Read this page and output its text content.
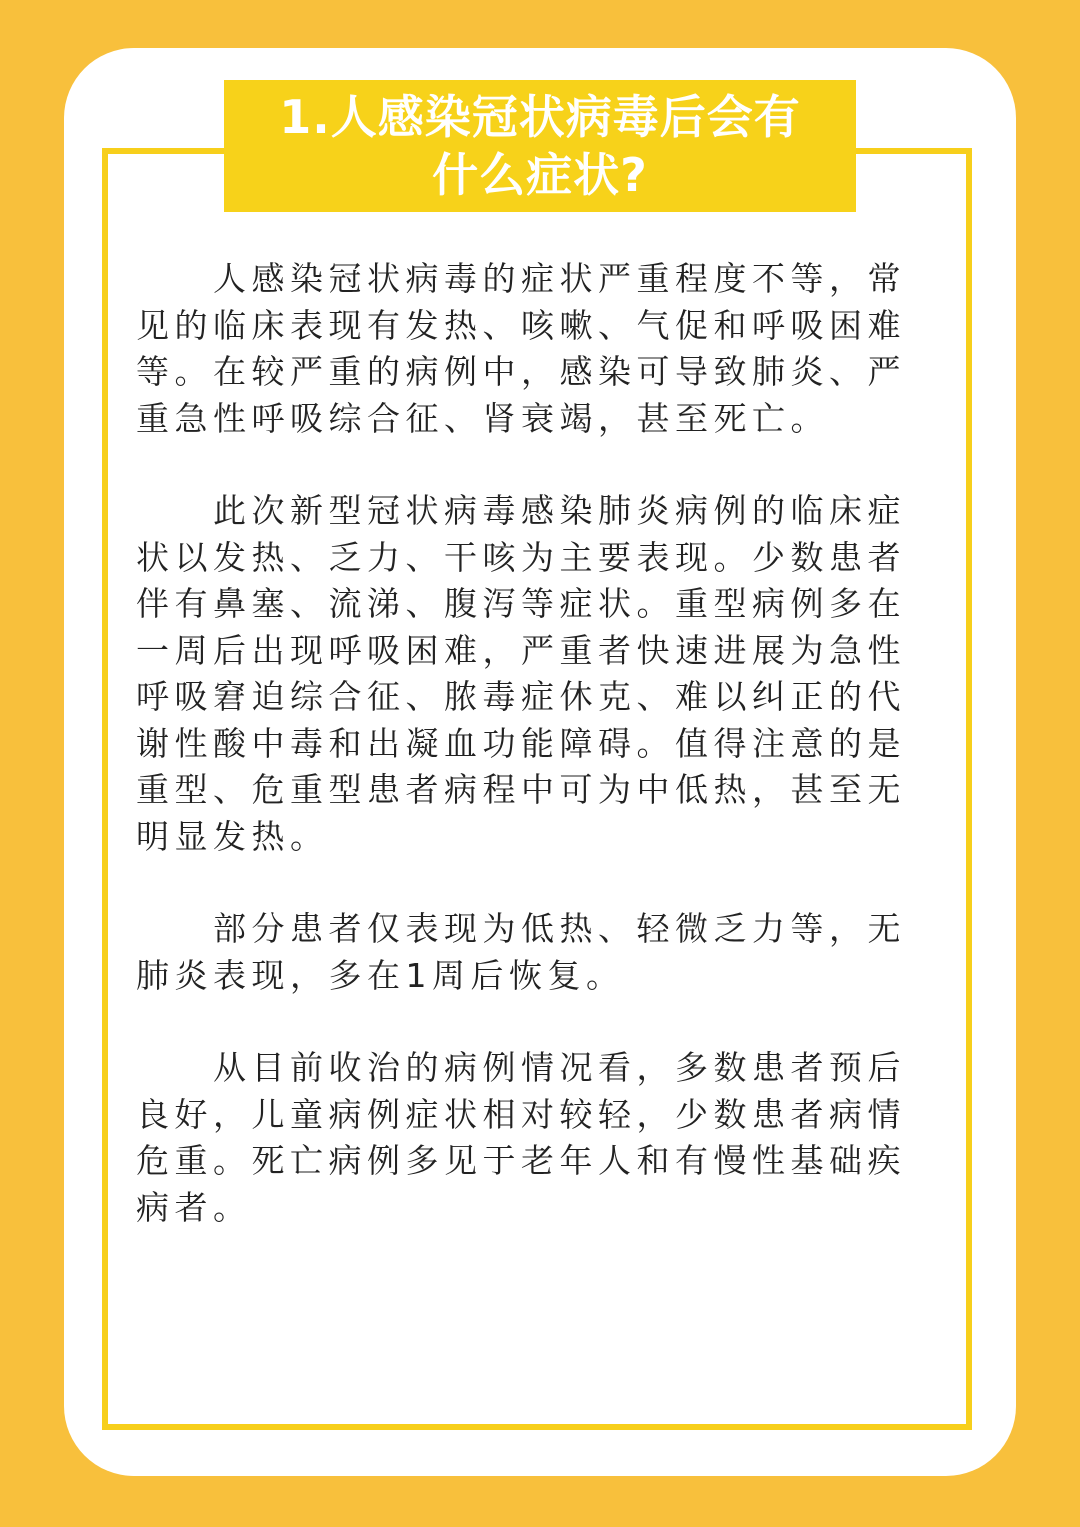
1.人感染冠状病毒后会有
什么症状?

人感染冠状病毒的症状严重程度不等，常见的临床表现有发热、咳嗽、气促和呼吸困难等。在较严重的病例中，感染可导致肺炎、严重急性呼吸综合征、肾衰竭，甚至死亡。

此次新型冠状病毒感染肺炎病例的临床症状以发热、乏力、干咳为主要表现。少数患者伴有鼻塞、流涕、腹泻等症状。重型病例多在一周后出现呼吸困难，严重者快速进展为急性呼吸窘迫综合征、脓毒症休克、难以纠正的代谢性酸中毒和出凝血功能障碍。值得注意的是重型、危重型患者病程中可为中低热，甚至无明显发热。

部分患者仅表现为低热、轻微乏力等，无肺炎表现，多在1周后恢复。

从目前收治的病例情况看，多数患者预后良好，儿童病例症状相对较轻，少数患者病情危重。死亡病例多见于老年人和有慢性基础疾病者。
